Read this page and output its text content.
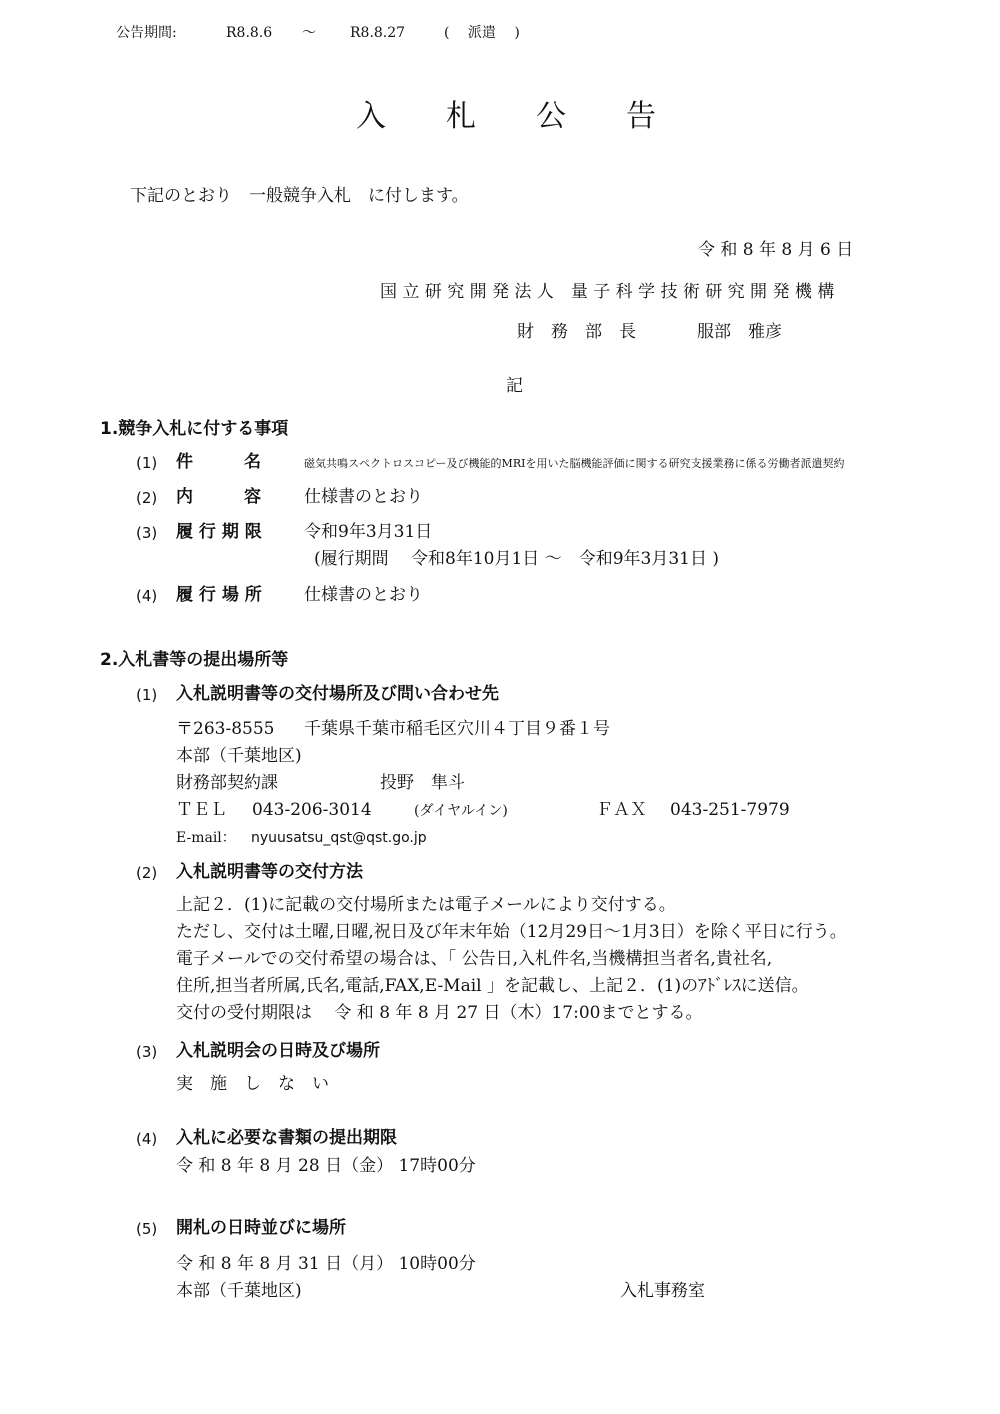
公告期間:	R8.8.6 ～ R8.8.27	(　 派遣 　)
入　　札　　公　　告
下記のとおり　一般競争入札　に付します。
令 和 8 年 8 月 6 日
国 立 研 究 開 発 法 人　量 子 科 学 技 術 研 究 開 発 機 構
財　務　部　長	服部　雅彦
記
1.競争入札に付する事項
(1) 件　　　名	磁気共鳴スペクトロスコピー及び機能的MRIを用いた脳機能評価に関する研究支援業務に係る労働者派遣契約
(2) 内　　　容	仕様書のとおり
(3) 履 行 期 限 令和9年3月31日
(履行期間　 令和8年10月1日 ～　令和9年3月31日 )
(4) 履 行 場 所 仕様書のとおり
2.入札書等の提出場所等
(1) 入札説明書等の交付場所及び問い合わせ先
〒263-8555 千葉県千葉市稲毛区穴川４丁目９番１号
本部（千葉地区)
財務部契約課	投野　隼斗
ＴＥＬ 043-206-3014	(ダイヤルイン)	ＦＡＸ 043-251-7979
E-mail： nyuusatsu_qst@qst.go.jp
(2) 入札説明書等の交付方法
上記２．(1)に記載の交付場所または電子メールにより交付する。
ただし、交付は土曜,日曜,祝日及び年末年始（12月29日～1月3日）を除く平日に行う。
電子メールでの交付希望の場合は、「 公告日,入札件名,当機構担当者名,貴社名,
住所,担当者所属,氏名,電話,FAX,E-Mail 」を記載し、上記２．(1)のｱﾄﾞﾚｽに送信。
交付の受付期限は　 令 和 8 年 8 月 27 日（木）17:00までとする。
(3) 入札説明会の日時及び場所
実　施　し　な　い
(4) 入札に必要な書類の提出期限
令 和 8 年 8 月 28 日（金） 17時00分
(5) 開札の日時並びに場所
令 和 8 年 8 月 31 日（月） 10時00分
本部（千葉地区)	入札事務室
